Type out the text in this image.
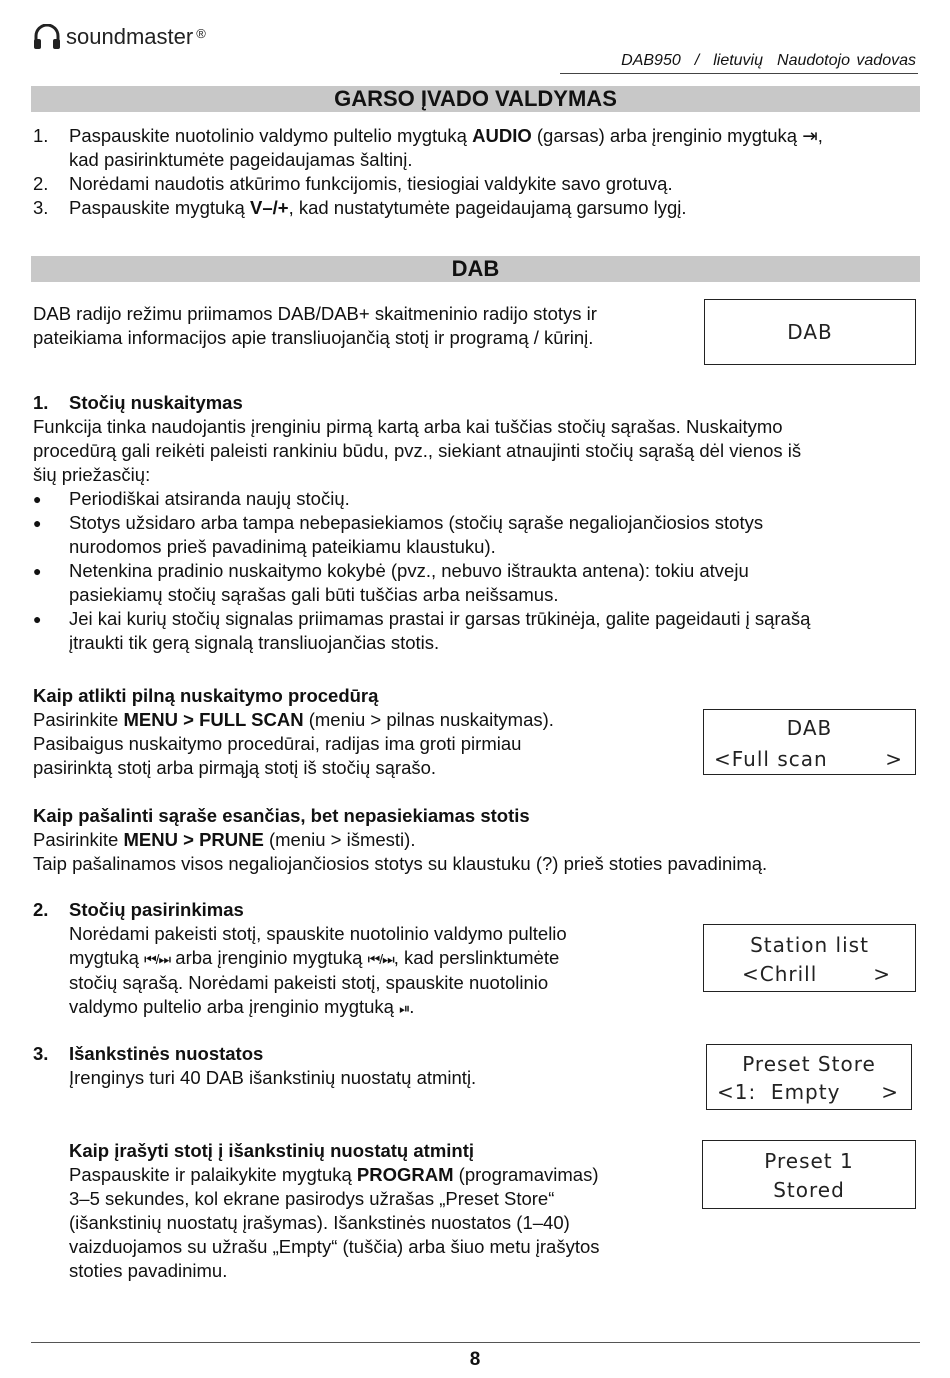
soundmaster®
DAB950 / lietuvių Naudotojo vadovas
GARSO ĮVADO VALDYMAS
1.	Paspauskite nuotolinio valdymo pultelio mygtuką AUDIO (garsas) arba įrenginio mygtuką ⇥,
kad pasirinktumėte pageidaujamas šaltinį.
2.	Norėdami naudotis atkūrimo funkcijomis, tiesiogiai valdykite savo grotuvą.
3.	Paspauskite mygtuką V–/+, kad nustatytumėte pageidaujamą garsumo lygį.
DAB
DAB radijo režimu priimamos DAB/DAB+ skaitmeninio radijo stotys ir
pateikiama informacijos apie transliuojančią stotį ir programą / kūrinį.	DAB
1.	Stočių nuskaitymas
Funkcija tinka naudojantis įrenginiu pirmą kartą arba kai tuščias stočių sąrašas. Nuskaitymo
procedūrą gali reikėti paleisti rankiniu būdu, pvz., siekiant atnaujinti stočių sąrašą dėl vienos iš
šių priežasčių:
●	Periodiškai atsiranda naujų stočių.
●	Stotys užsidaro arba tampa nebepasiekiamos (stočių sąraše negaliojančiosios stotys
nurodomos prieš pavadinimą pateikiamu klaustuku).
●	Netenkina pradinio nuskaitymo kokybė (pvz., nebuvo ištraukta antena): tokiu atveju
pasiekiamų stočių sąrašas gali būti tuščias arba neišsamus.
●	Jei kai kurių stočių signalas priimamas prastai ir garsas trūkinėja, galite pageidauti į sąrašą
įtraukti tik gerą signalą transliuojančias stotis.
Kaip atlikti pilną nuskaitymo procedūrą
Pasirinkite MENU > FULL SCAN (meniu > pilnas nuskaitymas).
Pasibaigus nuskaitymo procedūrai, radijas ima groti pirmiau
pasirinktą stotį arba pirmąją stotį iš stočių sąrašo.
DAB
<Full scan	>
Kaip pašalinti sąraše esančias, bet nepasiekiamas stotis
Pasirinkite MENU > PRUNE (meniu > išmesti).
Taip pašalinamos visos negaliojančiosios stotys su klaustuku (?) prieš stoties pavadinimą.
2.	Stočių pasirinkimas
Norėdami pakeisti stotį, spauskite nuotolinio valdymo pultelio
mygtuką ⏮/⏭ arba įrenginio mygtuką ⏮/⏭, kad perslinktumėte
stočių sąrašą. Norėdami pakeisti stotį, spauskite nuotolinio
valdymo pultelio arba įrenginio mygtuką ⏯.
Station list
<Chrill	>
3.	Išankstinės nuostatos
Įrenginys turi 40 DAB išankstinių nuostatų atmintį.
Preset Store
<1:  Empty >
Kaip įrašyti stotį į išankstinių nuostatų atmintį
Paspauskite ir palaikykite mygtuką PROGRAM (programavimas)
3–5 sekundes, kol ekrane pasirodys užrašas „Preset Store“
(išankstinių nuostatų įrašymas). Išankstinės nuostatos (1–40)
vaizduojamos su užrašu „Empty“ (tuščia) arba šiuo metu įrašytos
stoties pavadinimu.
Preset 1
Stored
8
